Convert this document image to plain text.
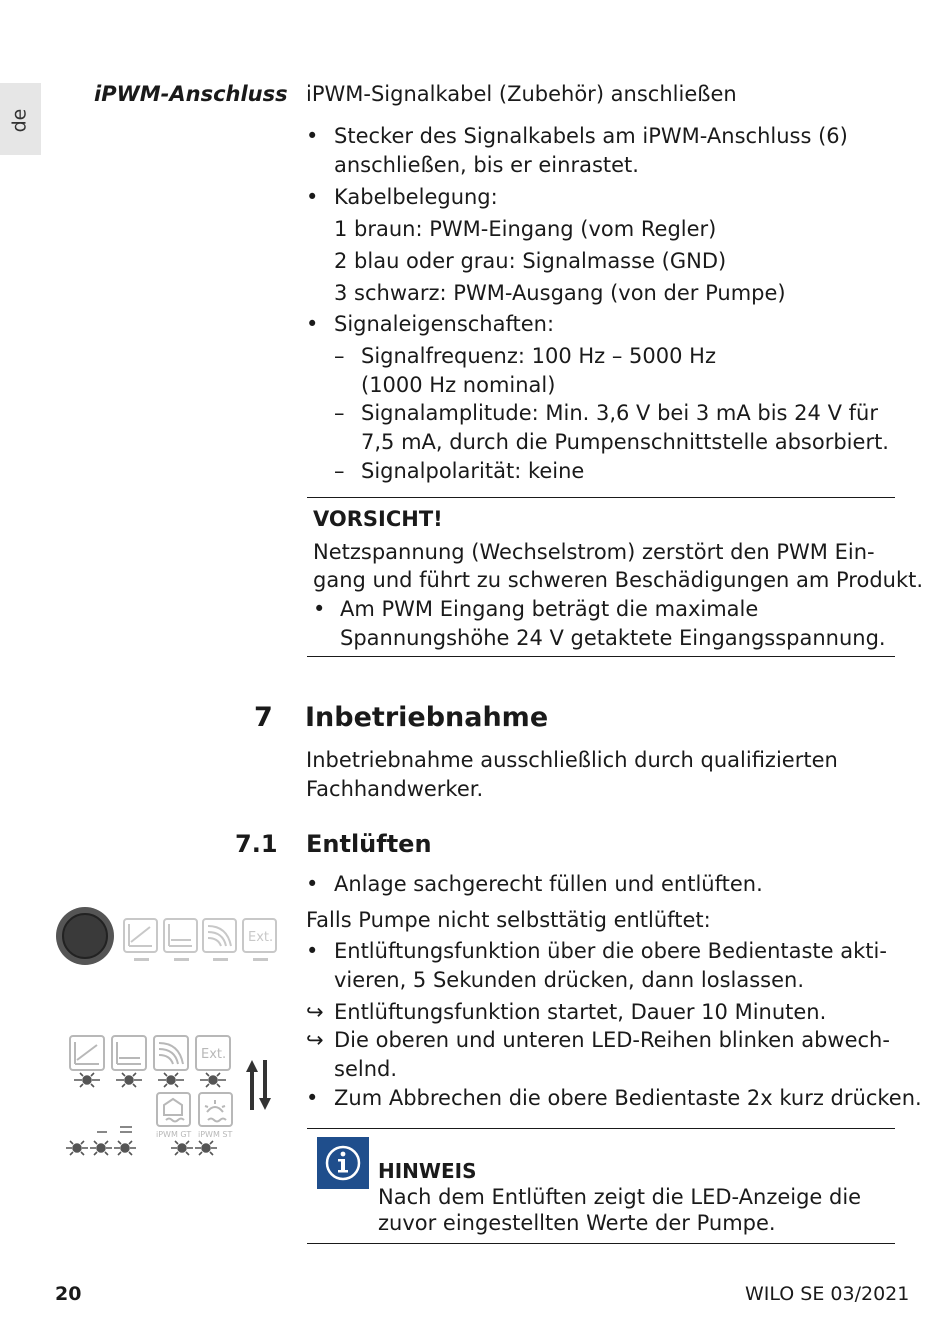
de
iPWM-Anschluss iPWM-Signalkabel (Zubehör) anschließen
• Stecker des Signalkabels am iPWM-Anschluss (6)
anschließen, bis er einrastet.
• Kabelbelegung:
1 braun: PWM-Eingang (vom Regler)
2 blau oder grau: Signalmasse (GND)
3 schwarz: PWM-Ausgang (von der Pumpe)
• Signaleigenschaften:
– Signalfrequenz: 100 Hz – 5000 Hz
(1000 Hz nominal)
– Signalamplitude: Min. 3,6 V bei 3 mA bis 24 V für
7,5 mA, durch die Pumpenschnittstelle absorbiert.
– Signalpolarität: keine
VORSICHT!
Netzspannung (Wechselstrom) zerstört den PWM Ein-
gang und führt zu schweren Beschädigungen am Produkt.
• Am PWM Eingang beträgt die maximale
Spannungshöhe 24 V getaktete Eingangsspannung.
7 Inbetriebnahme
Inbetriebnahme ausschließlich durch qualifizierten
Fachhandwerker.
7.1 Entlüften
• Anlage sachgerecht füllen und entlüften.
Falls Pumpe nicht selbsttätig entlüftet:
• Entlüftungsfunktion über die obere Bedientaste akti-
vieren, 5 Sekunden drücken, dann loslassen.
↪ Entlüftungsfunktion startet, Dauer 10 Minuten.
↪ Die oberen und unteren LED-Reihen blinken abwech-
selnd.
• Zum Abbrechen die obere Bedientaste 2x kurz drücken.
HINWEIS
Nach dem Entlüften zeigt die LED-Anzeige die
zuvor eingestellten Werte der Pumpe.
Ext.
Ext.
iPWM GT iPWM ST
20	WILO SE 03/2021
